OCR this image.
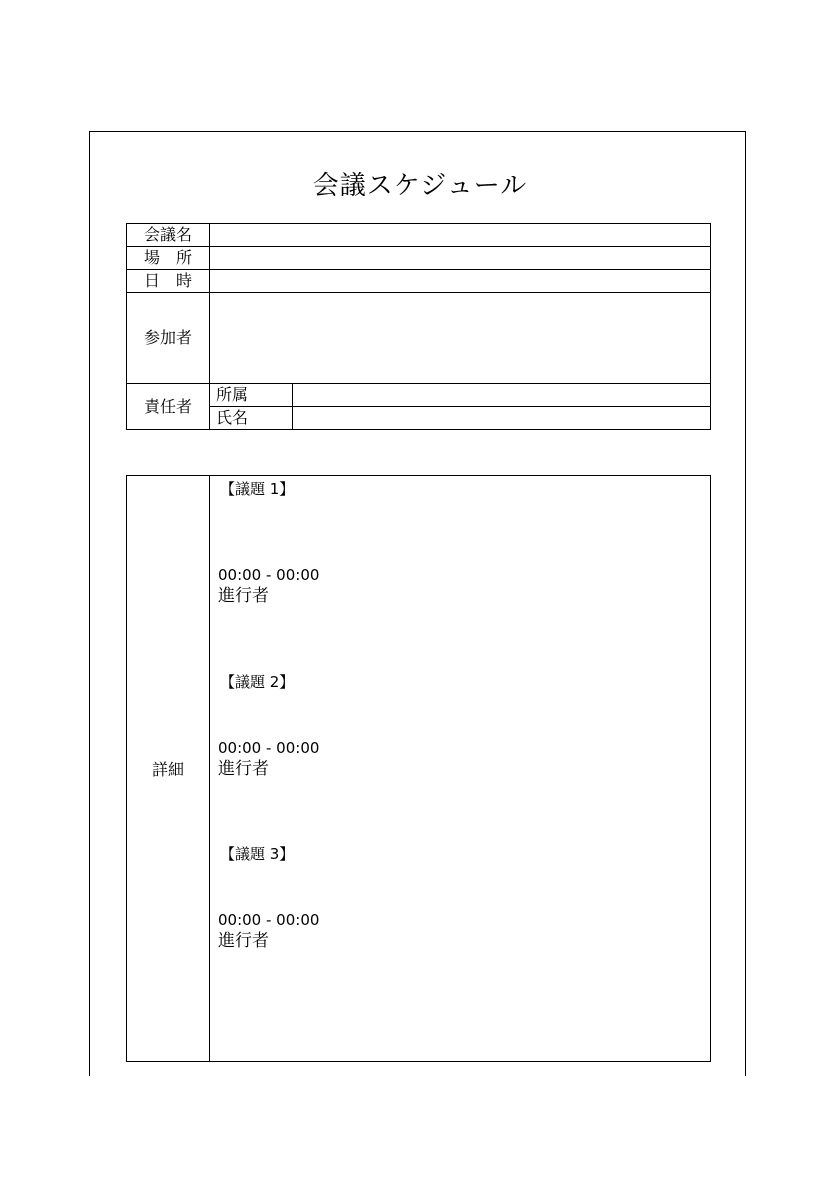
会議スケジュール
会議名		
場　所		
日　時		
参加者		
責任者	所属	
	氏名	
詳細	
【議題 1】
00:00 - 00:00
進行者
【議題 2】
00:00 - 00:00
進行者
【議題 3】
00:00 - 00:00
進行者
